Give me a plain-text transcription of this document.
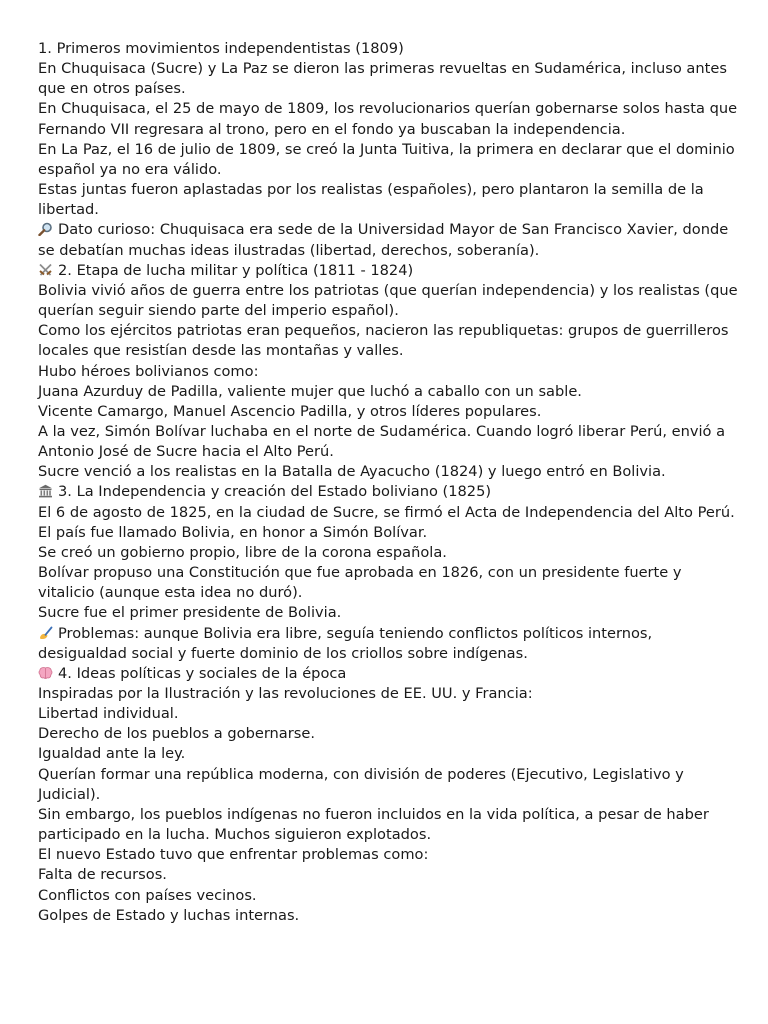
1. Primeros movimientos independentistas (1809)
En Chuquisaca (Sucre) y La Paz se dieron las primeras revueltas en Sudamérica, incluso antes que en otros países.
En Chuquisaca, el 25 de mayo de 1809, los revolucionarios querían gobernarse solos hasta que Fernando VII regresara al trono, pero en el fondo ya buscaban la independencia.
En La Paz, el 16 de julio de 1809, se creó la Junta Tuitiva, la primera en declarar que el dominio español ya no era válido.
Estas juntas fueron aplastadas por los realistas (españoles), pero plantaron la semilla de la libertad.
Dato curioso: Chuquisaca era sede de la Universidad Mayor de San Francisco Xavier, donde se debatían muchas ideas ilustradas (libertad, derechos, soberanía).
2. Etapa de lucha militar y política (1811 - 1824)
Bolivia vivió años de guerra entre los patriotas (que querían independencia) y los realistas (que querían seguir siendo parte del imperio español).
Como los ejércitos patriotas eran pequeños, nacieron las republiquetas: grupos de guerrilleros locales que resistían desde las montañas y valles.
Hubo héroes bolivianos como:
Juana Azurduy de Padilla, valiente mujer que luchó a caballo con un sable.
Vicente Camargo, Manuel Ascencio Padilla, y otros líderes populares.
A la vez, Simón Bolívar luchaba en el norte de Sudamérica. Cuando logró liberar Perú, envió a Antonio José de Sucre hacia el Alto Perú.
Sucre venció a los realistas en la Batalla de Ayacucho (1824) y luego entró en Bolivia.
3. La Independencia y creación del Estado boliviano (1825)
El 6 de agosto de 1825, en la ciudad de Sucre, se firmó el Acta de Independencia del Alto Perú.
El país fue llamado Bolivia, en honor a Simón Bolívar.
Se creó un gobierno propio, libre de la corona española.
Bolívar propuso una Constitución que fue aprobada en 1826, con un presidente fuerte y vitalicio (aunque esta idea no duró).
Sucre fue el primer presidente de Bolivia.
Problemas: aunque Bolivia era libre, seguía teniendo conflictos políticos internos, desigualdad social y fuerte dominio de los criollos sobre indígenas.
4. Ideas políticas y sociales de la época
Inspiradas por la Ilustración y las revoluciones de EE. UU. y Francia:
Libertad individual.
Derecho de los pueblos a gobernarse.
Igualdad ante la ley.
Querían formar una república moderna, con división de poderes (Ejecutivo, Legislativo y Judicial).
Sin embargo, los pueblos indígenas no fueron incluidos en la vida política, a pesar de haber participado en la lucha. Muchos siguieron explotados.
El nuevo Estado tuvo que enfrentar problemas como:
Falta de recursos.
Conflictos con países vecinos.
Golpes de Estado y luchas internas.
